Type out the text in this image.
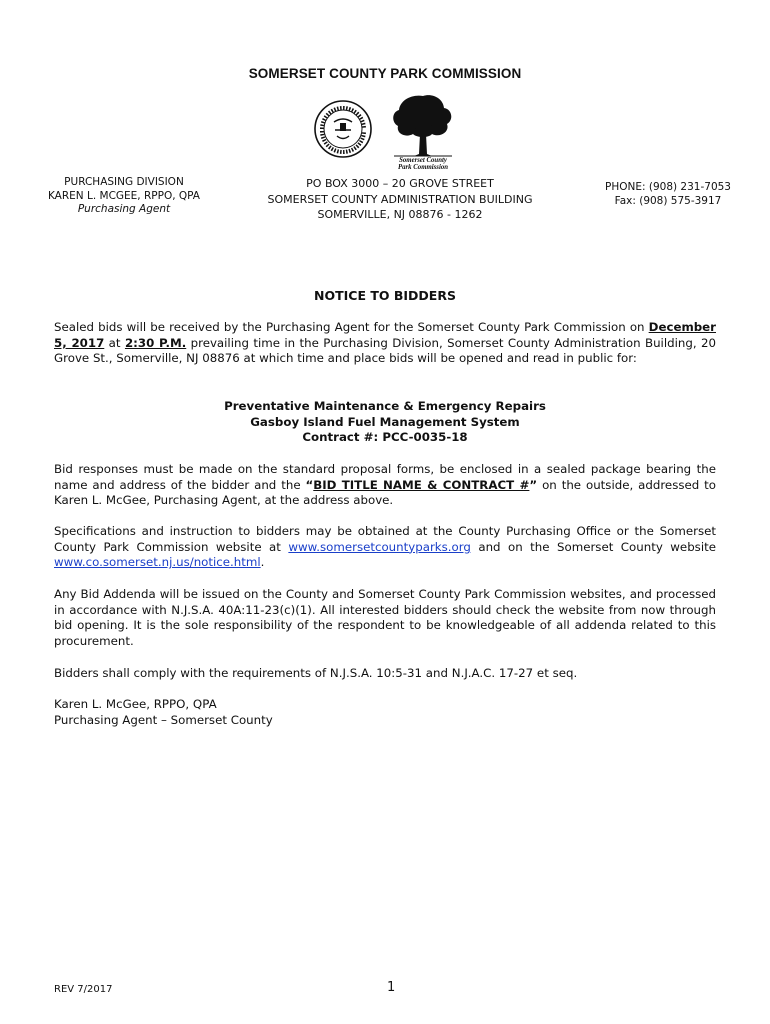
SOMERSET COUNTY PARK COMMISSION
Somerset County
Park Commission
PURCHASING DIVISION
KAREN L. MCGEE, RPPO, QPA
Purchasing Agent
PO BOX 3000 – 20 GROVE STREET
SOMERSET COUNTY ADMINISTRATION BUILDING
SOMERVILLE, NJ 08876 - 1262
PHONE: (908) 231-7053
Fax: (908) 575-3917
NOTICE TO BIDDERS
Sealed bids will be received by the Purchasing Agent for the Somerset County Park Commission on December 5, 2017 at 2:30 P.M. prevailing time in the Purchasing Division, Somerset County Administration Building, 20 Grove St., Somerville, NJ 08876 at which time and place bids will be opened and read in public for:
Preventative Maintenance & Emergency Repairs
Gasboy Island Fuel Management System
Contract #: PCC-0035-18
Bid responses must be made on the standard proposal forms, be enclosed in a sealed package bearing the name and address of the bidder and the “BID TITLE NAME & CONTRACT #” on the outside, addressed to Karen L. McGee, Purchasing Agent, at the address above.
Specifications and instruction to bidders may be obtained at the County Purchasing Office or the Somerset County Park Commission website at www.somersetcountyparks.org and on the Somerset County website www.co.somerset.nj.us/notice.html.
Any Bid Addenda will be issued on the County and Somerset County Park Commission websites, and processed in accordance with N.J.S.A. 40A:11-23(c)(1). All interested bidders should check the website from now through bid opening. It is the sole responsibility of the respondent to be knowledgeable of all addenda related to this procurement.
Bidders shall comply with the requirements of N.J.S.A. 10:5-31 and N.J.A.C. 17-27 et seq.
Karen L. McGee, RPPO, QPA
Purchasing Agent – Somerset County
REV 7/2017	1
